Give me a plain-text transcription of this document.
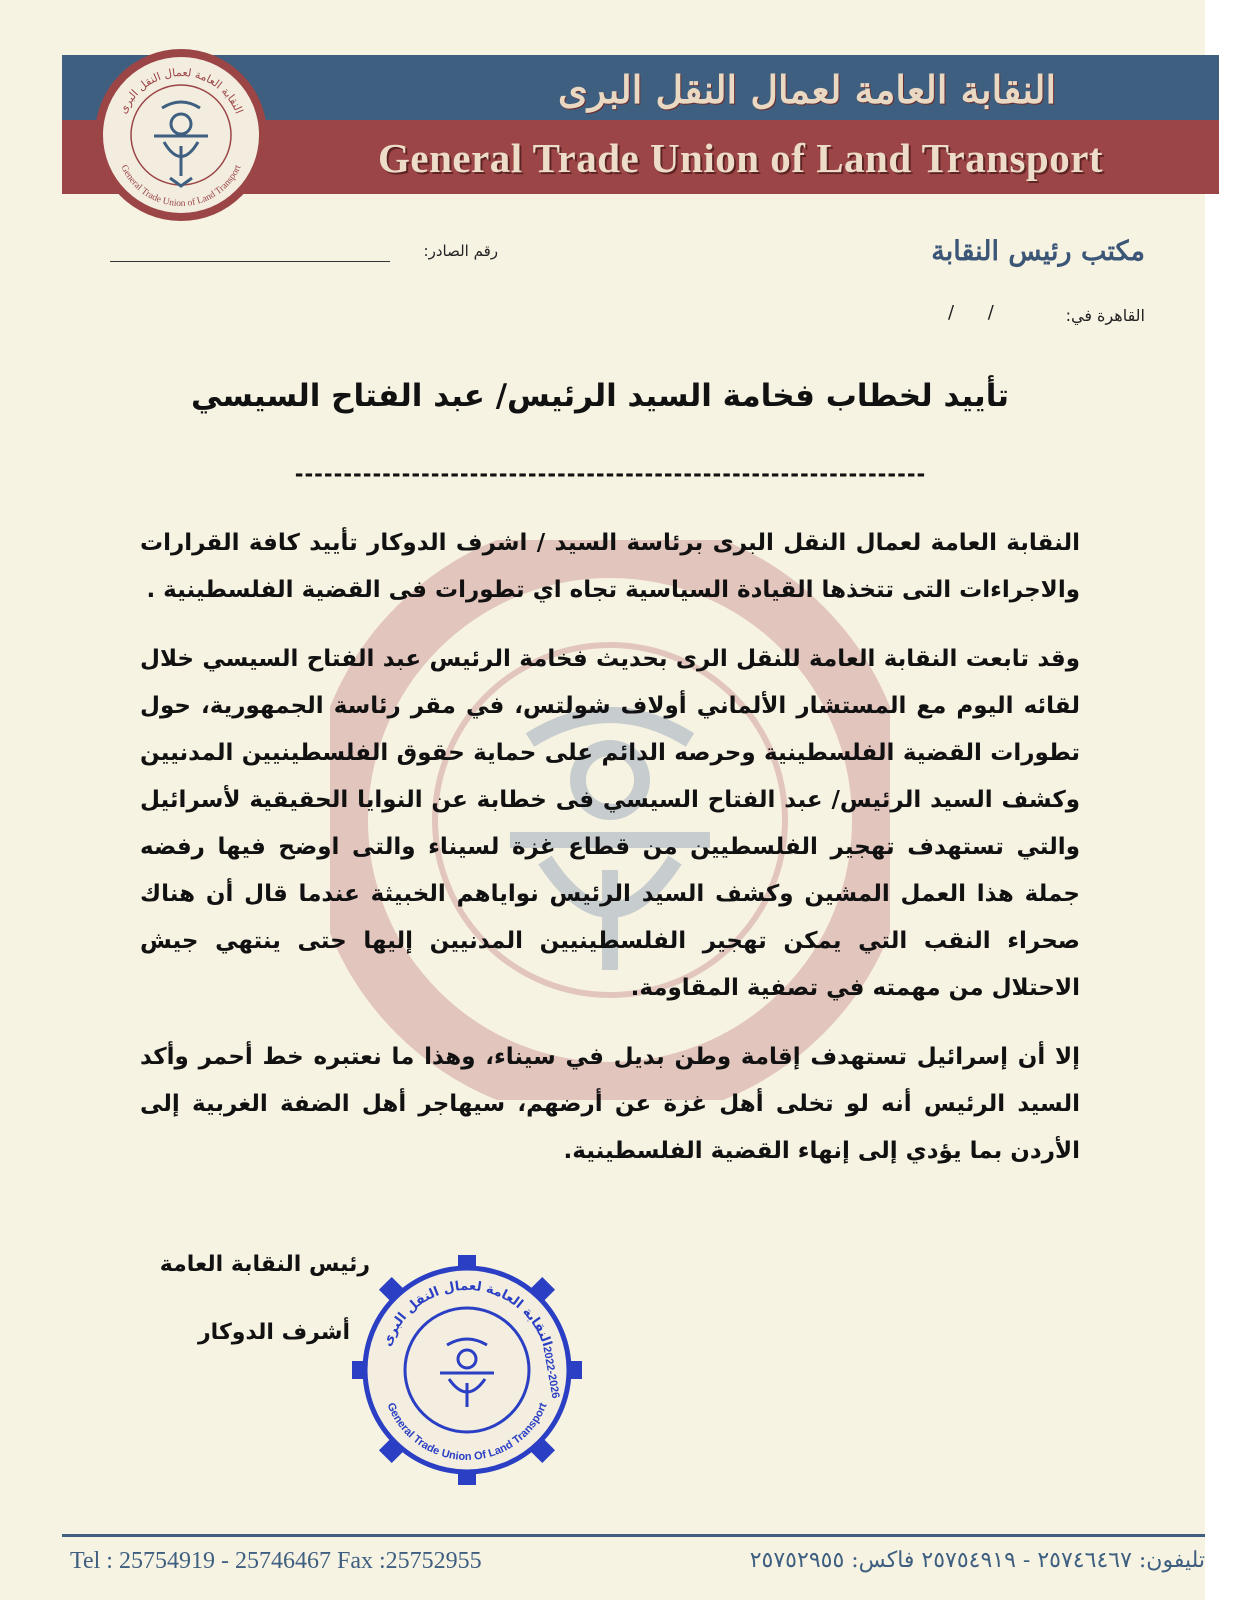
النقابة العامة لعمال النقل البرى
General Trade Union of Land Transport
النقابة العامة لعمال النقل البرى
General Trade Union of Land Transport
مكتب رئيس النقابة
رقم الصادر:
القاهرة في:
/ /
تأييد لخطاب فخامة السيد الرئيس/ عبد الفتاح السيسي
-----------------------------------------------------------------

النقابة العامة لعمال النقل البرى برئاسة السيد / اشرف الدوكار تأييد كافة القرارات والاجراءات التى تتخذها القيادة السياسية تجاه اي تطورات فى القضية الفلسطينية .

وقد تابعت النقابة العامة للنقل الرى بحديث فخامة الرئيس عبد الفتاح السيسي خلال لقائه اليوم مع المستشار الألماني أولاف شولتس، في مقر رئاسة الجمهورية، حول تطورات القضية الفلسطينية وحرصه الدائم على حماية حقوق الفلسطينيين المدنيين وكشف السيد الرئيس/ عبد الفتاح السيسي فى خطابة عن النوايا الحقيقية لأسرائيل والتي تستهدف تهجير الفلسطيين من قطاع غزة لسيناء والتى اوضح فيها رفضه جملة هذا العمل المشين وكشف السيد الرئيس نواياهم الخبيثة عندما قال أن هناك صحراء النقب التي يمكن تهجير الفلسطينيين المدنيين إليها حتى ينتهي جيش الاحتلال من مهمته في تصفية المقاومة.

إلا أن إسرائيل تستهدف إقامة وطن بديل في سيناء، وهذا ما نعتبره خط أحمر وأكد السيد الرئيس أنه لو تخلى أهل غزة عن أرضهم، سيهاجر أهل الضفة الغربية إلى الأردن بما يؤدي إلى إنهاء القضية الفلسطينية.

رئيس النقابة العامة
أشرف الدوكار النقابة العامة لعمال النقل البرى
General Trade Union Of Land Transport
2022-2026
Tel : 25754919 - 25746467 Fax :25752955	تليفون: ٢٥٧٤٦٤٦٧ - ٢٥٧٥٤٩١٩ فاكس: ٢٥٧٥٢٩٥٥
